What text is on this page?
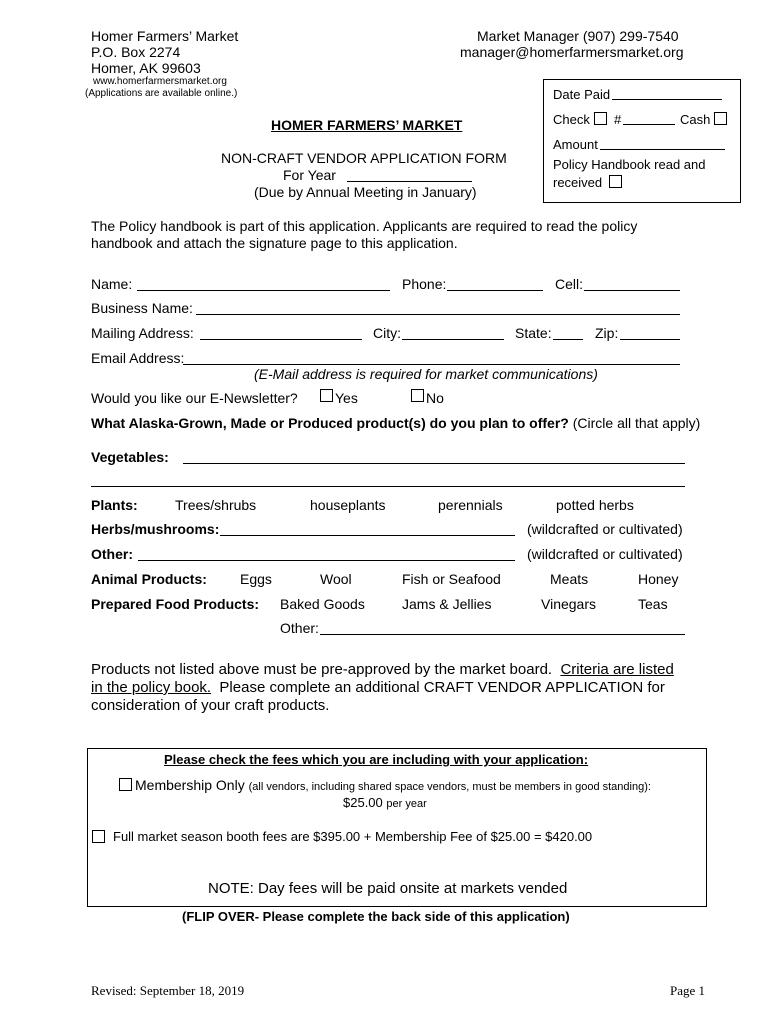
Homer Farmers’ Market
P.O. Box 2274
Homer, AK 99603
www.homerfarmersmarket.org
(Applications are available online.)
Market Manager (907) 299-7540
manager@homerfarmersmarket.org
Date Paid
Check #	Cash
Amount
Policy Handbook read and
received
HOMER FARMERS’ MARKET
NON-CRAFT VENDOR APPLICATION FORM
For Year
(Due by Annual Meeting in January)
The Policy handbook is part of this application. Applicants are required to read the policy
handbook and attach the signature page to this application.
Name:	Phone:	Cell:
Business Name:
Mailing Address:	City:	State:	Zip:
Email Address:
(E-Mail address is required for market communications)
Would you like our E-Newsletter?	Yes	No
What Alaska-Grown, Made or Produced product(s) do you plan to offer? (Circle all that apply)
Vegetables:
Plants:	Trees/shrubs	houseplants	perennials	potted herbs
Herbs/mushrooms:	(wildcrafted or cultivated)
Other:	(wildcrafted or cultivated)
Animal Products: Eggs	Wool	Fish or Seafood	Meats	Honey
Prepared Food Products: Baked Goods	Jams & Jellies	Vinegars	Teas
Other:
Products not listed above must be pre-approved by the market board. Criteria are listed
in the policy book. Please complete an additional CRAFT VENDOR APPLICATION for
consideration of your craft products.
Please check the fees which you are including with your application:
Membership Only (all vendors, including shared space vendors, must be members in good standing):
$25.00 per year
Full market season booth fees are $395.00 + Membership Fee of $25.00 = $420.00
NOTE: Day fees will be paid onsite at markets vended
(FLIP OVER- Please complete the back side of this application)
Revised: September 18, 2019	Page 1
